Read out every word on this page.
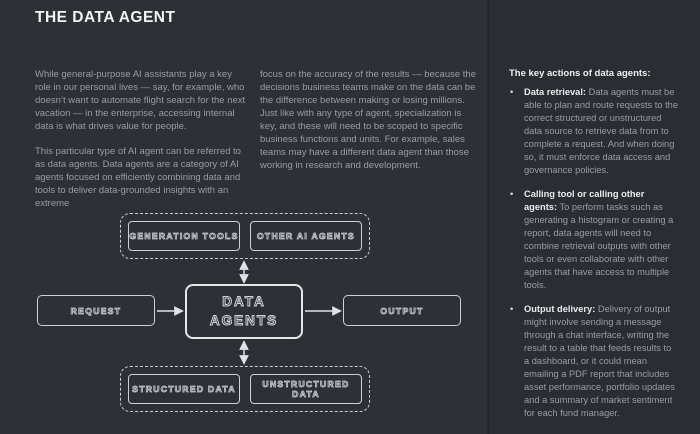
THE DATA AGENT

While general-purpose AI assistants play a key role in our personal lives — say, for example, who doesn’t want to automate flight search for the next vacation — in the enterprise, accessing internal data is what drives value for people.

This particular type of AI agent can be referred to as data agents. Data agents are a category of AI agents focused on efficiently combining data and tools to deliver data-grounded insights with an extreme

focus on the accuracy of the results — because the decisions business teams make on the data can be the difference between making or losing millions. Just like with any type of agent, specialization is key, and these will need to be scoped to specific business functions and units. For example, sales teams may have a different data agent than those working in research and development.

The key actions of data agents:
• Data retrieval: Data agents must be able to plan and route requests to the correct structured or unstructured data source to retrieve data from to complete a request. And when doing so, it must enforce data access and governance policies.
• Calling tool or calling other agents: To perform tasks such as generating a histogram or creating a report, data agents will need to combine retrieval outputs with other tools or even collaborate with other agents that have access to multiple tools.
• Output delivery: Delivery of output might involve sending a message through a chat interface, writing the result to a table that feeds results to a dashboard, or it could mean emailing a PDF report that includes asset performance, portfolio updates and a summary of market sentiment for each fund manager.
GENERATION TOOLS OTHER AI AGENTS
REQUEST
DATA AGENTS
OUTPUT
STRUCTURED DATA	UNSTRUCTURED DATA
